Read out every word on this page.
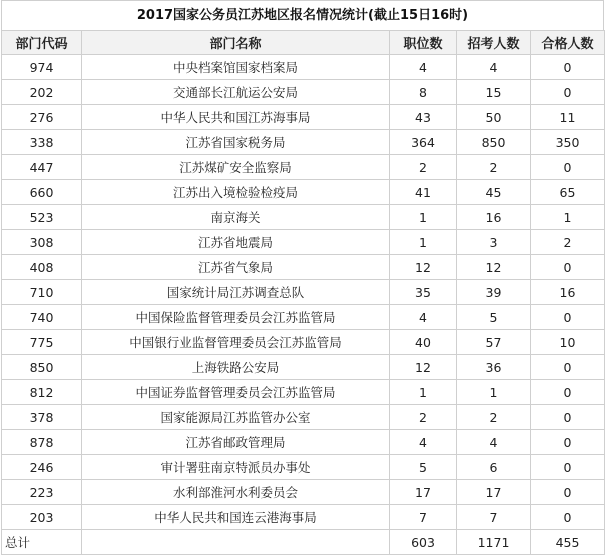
2017国家公务员江苏地区报名情况统计(截止15日16时)
部门代码	部门名称	职位数	招考人数	合格人数
974	中央档案馆国家档案局	4	4	0
202	交通部长江航运公安局	8	15	0
276	中华人民共和国江苏海事局	43	50	11
338	江苏省国家税务局	364	850	350
447	江苏煤矿安全监察局	2	2	0
660	江苏出入境检验检疫局	41	45	65
523	南京海关	1	16	1
308	江苏省地震局	1	3	2
408	江苏省气象局	12	12	0
710	国家统计局江苏调查总队	35	39	16
740	中国保险监督管理委员会江苏监管局	4	5	0
775	中国银行业监督管理委员会江苏监管局	40	57	10
850	上海铁路公安局	12	36	0
812	中国证券监督管理委员会江苏监管局	1	1	0
378	国家能源局江苏监管办公室	2	2	0
878	江苏省邮政管理局	4	4	0
246	审计署驻南京特派员办事处	5	6	0
223	水利部淮河水利委员会	17	17	0
203	中华人民共和国连云港海事局	7	7	0
总计		603	1171	455
